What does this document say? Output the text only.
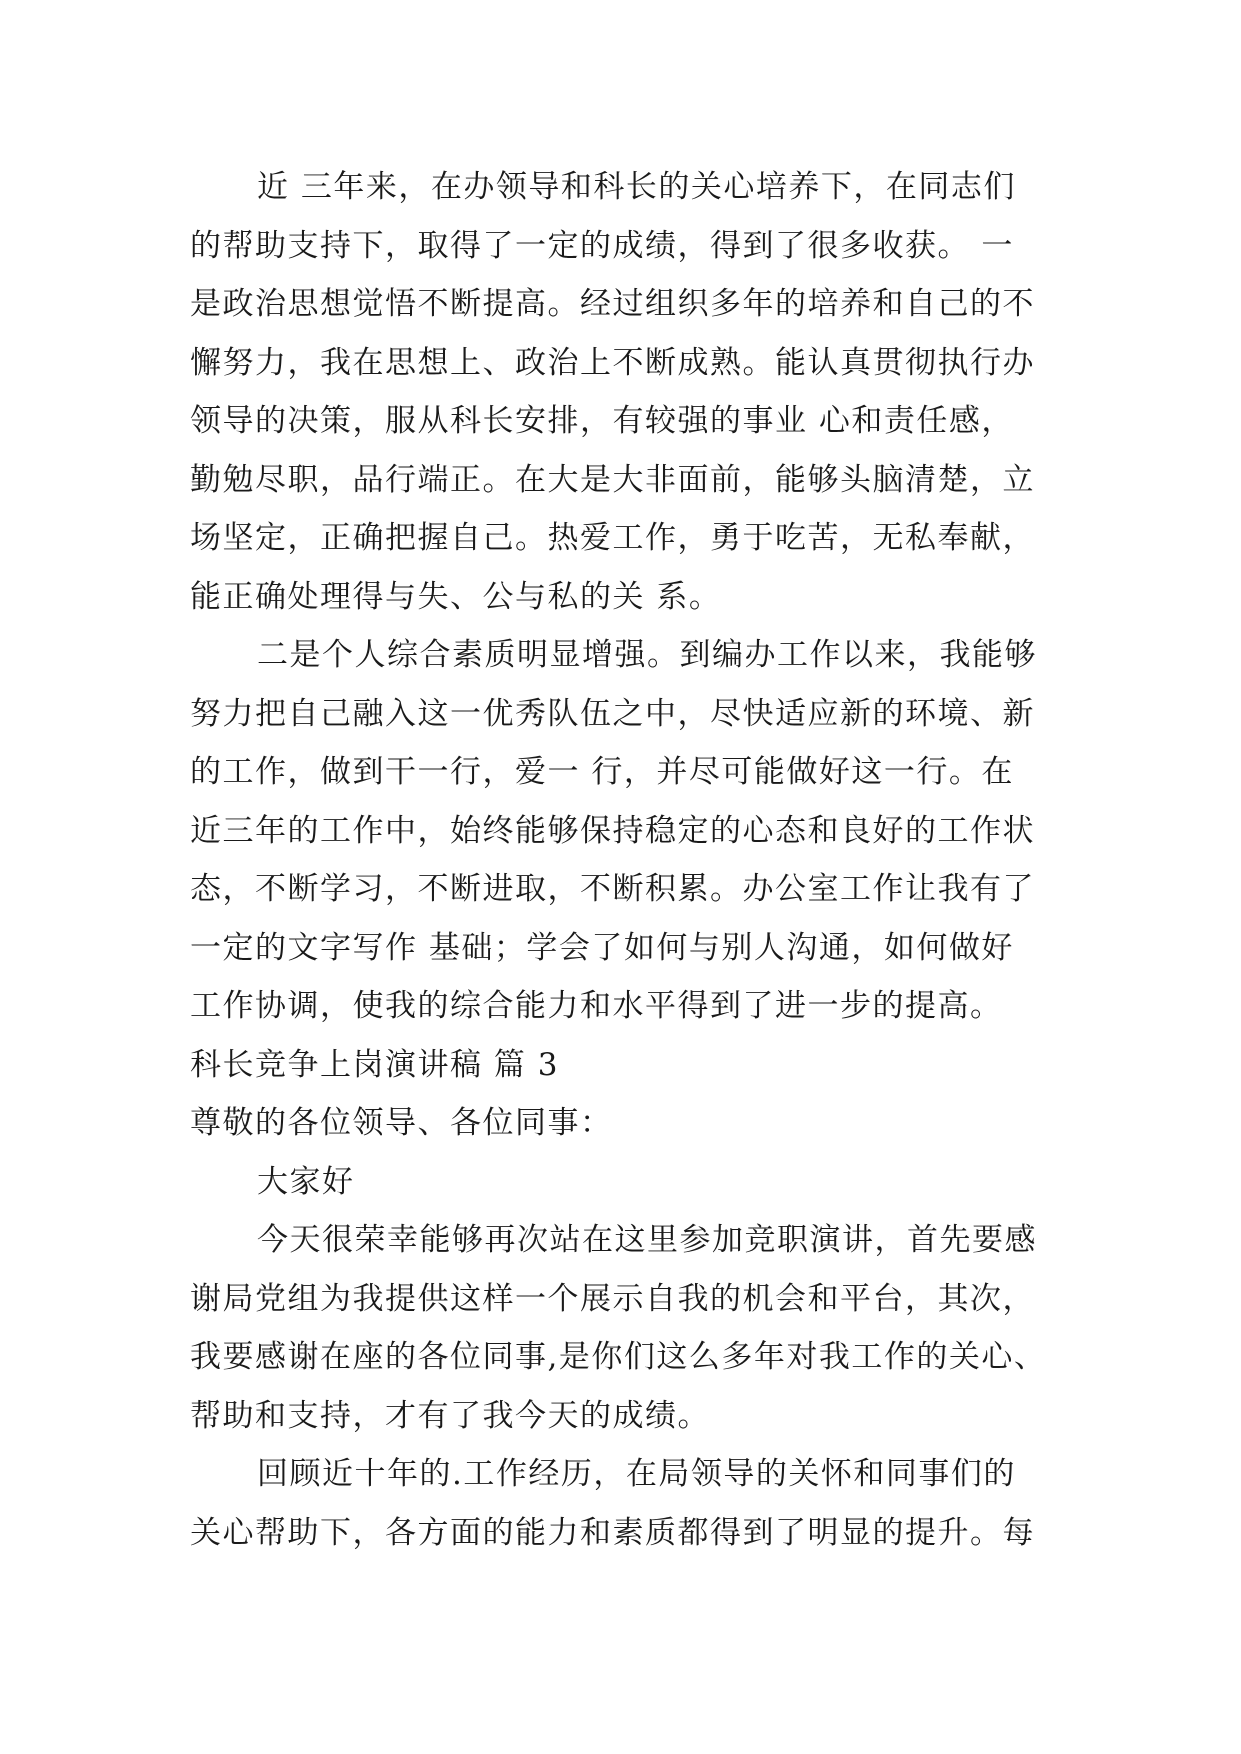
近 三年来，在办领导和科长的关心培养下，在同志们
的帮助支持下，取得了一定的成绩，得到了很多收获。 一
是政治思想觉悟不断提高。经过组织多年的培养和自己的不
懈努力，我在思想上、政治上不断成熟。能认真贯彻执行办
领导的决策，服从科长安排，有较强的事业 心和责任感，
勤勉尽职，品行端正。在大是大非面前，能够头脑清楚，立
场坚定，正确把握自己。热爱工作，勇于吃苦，无私奉献，
能正确处理得与失、公与私的关 系。
二是个人综合素质明显增强。到编办工作以来，我能够
努力把自己融入这一优秀队伍之中，尽快适应新的环境、新
的工作，做到干一行，爱一 行，并尽可能做好这一行。在
近三年的工作中，始终能够保持稳定的心态和良好的工作状
态，不断学习，不断进取，不断积累。办公室工作让我有了
一定的文字写作 基础；学会了如何与别人沟通，如何做好
工作协调，使我的综合能力和水平得到了进一步的提高。
科长竞争上岗演讲稿 篇 3
尊敬的各位领导、各位同事：
大家好
今天很荣幸能够再次站在这里参加竞职演讲，首先要感
谢局党组为我提供这样一个展示自我的机会和平台，其次，
我要感谢在座的各位同事,是你们这么多年对我工作的关心、
帮助和支持，才有了我今天的成绩。
回顾近十年的.工作经历，在局领导的关怀和同事们的
关心帮助下，各方面的能力和素质都得到了明显的提升。每
